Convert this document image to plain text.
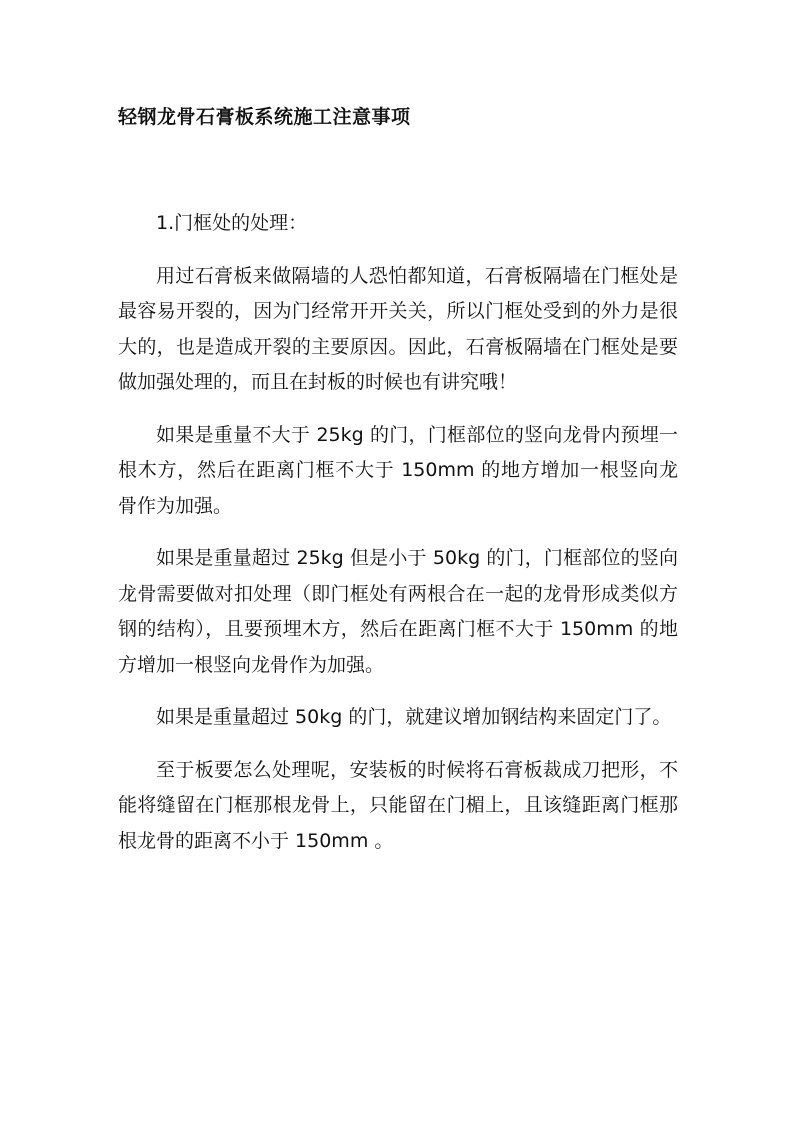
轻钢龙骨石膏板系统施工注意事项

1.门框处的处理：

用过石膏板来做隔墙的人恐怕都知道，石膏板隔墙在门框处是最容易开裂的，因为门经常开开关关，所以门框处受到的外力是很大的，也是造成开裂的主要原因。因此，石膏板隔墙在门框处是要做加强处理的，而且在封板的时候也有讲究哦！

如果是重量不大于 25kg 的门，门框部位的竖向龙骨内预埋一根木方，然后在距离门框不大于 150mm 的地方增加一根竖向龙骨作为加强。

如果是重量超过 25kg 但是小于 50kg 的门，门框部位的竖向龙骨需要做对扣处理（即门框处有两根合在一起的龙骨形成类似方钢的结构），且要预埋木方，然后在距离门框不大于 150mm 的地方增加一根竖向龙骨作为加强。

如果是重量超过 50kg 的门，就建议增加钢结构来固定门了。

至于板要怎么处理呢，安装板的时候将石膏板裁成刀把形，不能将缝留在门框那根龙骨上，只能留在门楣上，且该缝距离门框那根龙骨的距离不小于 150mm 。
